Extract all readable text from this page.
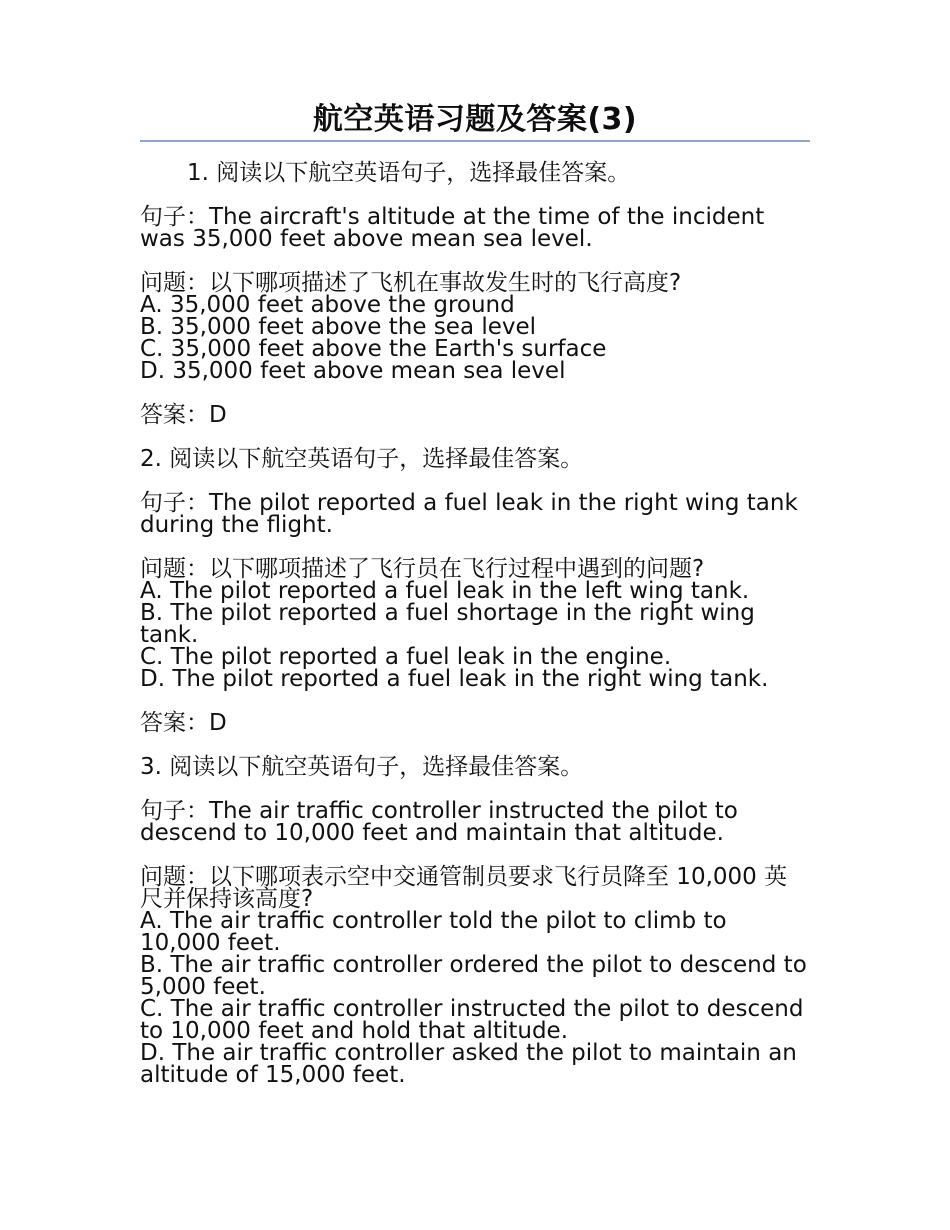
航空英语习题及答案(3)

1. 阅读以下航空英语句子，选择最佳答案。

句子：The aircraft's altitude at the time of the incident was 35,000 feet above mean sea level.

问题：以下哪项描述了飞机在事故发生时的飞行高度?

A. 35,000 feet above the ground

B. 35,000 feet above the sea level

C. 35,000 feet above the Earth's surface

D. 35,000 feet above mean sea level

答案：D

2. 阅读以下航空英语句子，选择最佳答案。

句子：The pilot reported a fuel leak in the right wing tank during the flight.

问题：以下哪项描述了飞行员在飞行过程中遇到的问题?

A. The pilot reported a fuel leak in the left wing tank.

B. The pilot reported a fuel shortage in the right wing tank.

C. The pilot reported a fuel leak in the engine.

D. The pilot reported a fuel leak in the right wing tank.

答案：D

3. 阅读以下航空英语句子，选择最佳答案。

句子：The air traffic controller instructed the pilot to descend to 10,000 feet and maintain that altitude.

问题：以下哪项表示空中交通管制员要求飞行员降至 10,000 英尺并保持该高度?

A. The air traffic controller told the pilot to climb to 10,000 feet.

B. The air traffic controller ordered the pilot to descend to 5,000 feet.

C. The air traffic controller instructed the pilot to descend to 10,000 feet and hold that altitude.

D. The air traffic controller asked the pilot to maintain an altitude of 15,000 feet.
